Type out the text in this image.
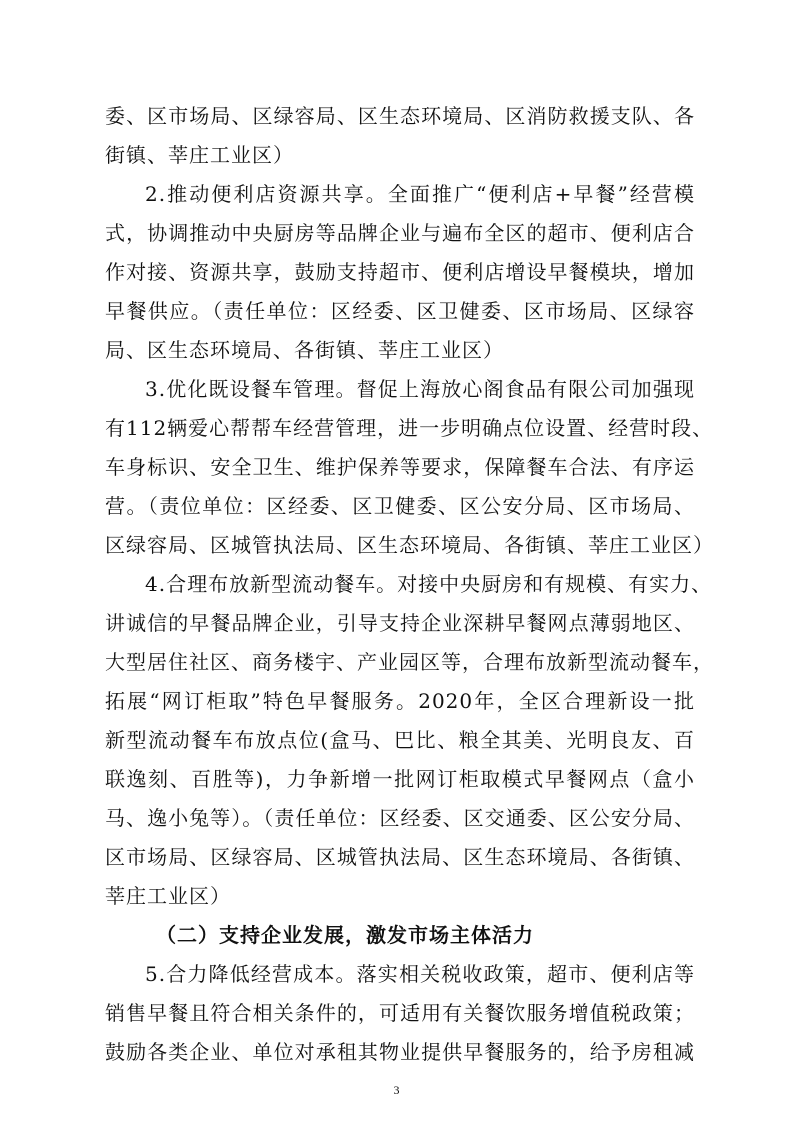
委、区市场局、区绿容局、区生态环境局、区消防救援支队、各
街镇、莘庄工业区）
2.推动便利店资源共享。全面推广“便利店+早餐”经营模
式，协调推动中央厨房等品牌企业与遍布全区的超市、便利店合
作对接、资源共享，鼓励支持超市、便利店增设早餐模块，增加
早餐供应。（责任单位：区经委、区卫健委、区市场局、区绿容
局、区生态环境局、各街镇、莘庄工业区）
3.优化既设餐车管理。督促上海放心阁食品有限公司加强现
有112辆爱心帮帮车经营管理，进一步明确点位设置、经营时段、
车身标识、安全卫生、维护保养等要求，保障餐车合法、有序运
营。（责位单位：区经委、区卫健委、区公安分局、区市场局、
区绿容局、区城管执法局、区生态环境局、各街镇、莘庄工业区）
4.合理布放新型流动餐车。对接中央厨房和有规模、有实力、
讲诚信的早餐品牌企业，引导支持企业深耕早餐网点薄弱地区、
大型居住社区、商务楼宇、产业园区等，合理布放新型流动餐车，
拓展“网订柜取”特色早餐服务。2020年，全区合理新设一批
新型流动餐车布放点位(盒马、巴比、粮全其美、光明良友、百
联逸刻、百胜等)，力争新增一批网订柜取模式早餐网点（盒小
马、逸小兔等）。（责任单位：区经委、区交通委、区公安分局、
区市场局、区绿容局、区城管执法局、区生态环境局、各街镇、
莘庄工业区）
（二）支持企业发展，激发市场主体活力
5.合力降低经营成本。落实相关税收政策，超市、便利店等
销售早餐且符合相关条件的，可适用有关餐饮服务增值税政策；
鼓励各类企业、单位对承租其物业提供早餐服务的，给予房租减
3
